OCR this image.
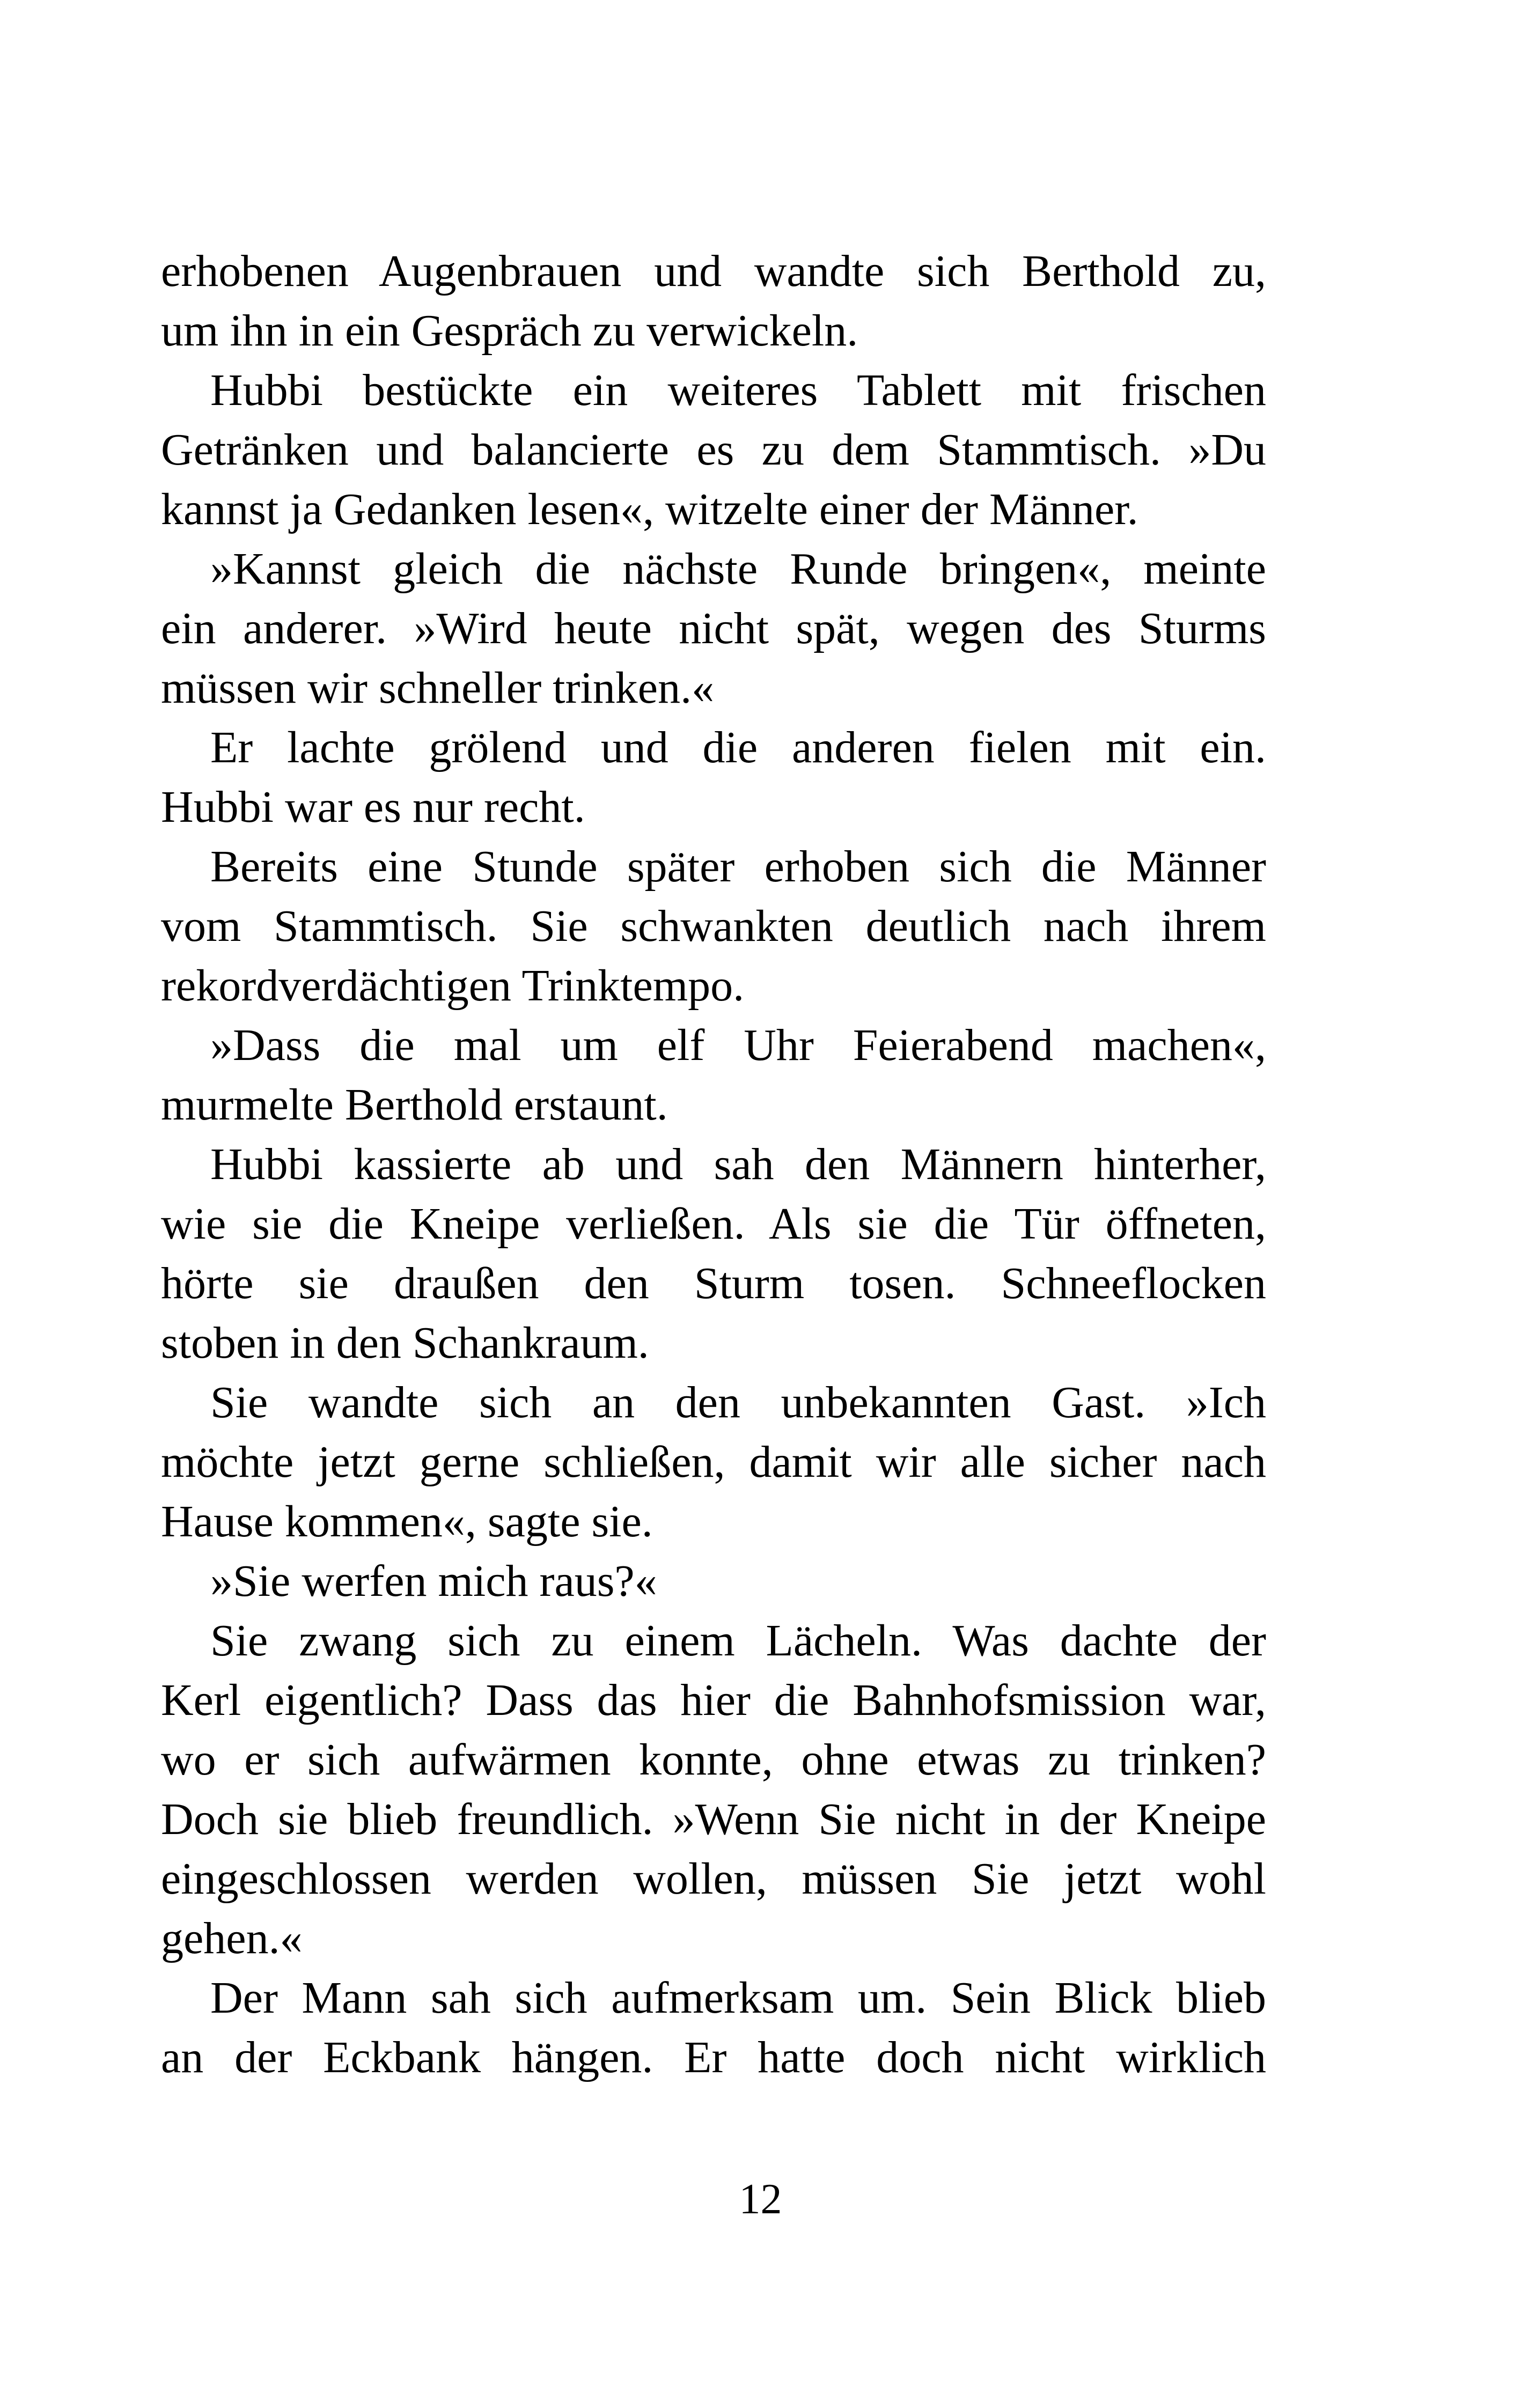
erhobenen Augenbrauen und wandte sich Berthold zu,
um ihn in ein Gespräch zu verwickeln.
Hubbi bestückte ein weiteres Tablett mit frischen
Getränken und balancierte es zu dem Stammtisch. »Du
kannst ja Gedanken lesen«, witzelte einer der Männer.
»Kannst gleich die nächste Runde bringen«, meinte
ein anderer. »Wird heute nicht spät, wegen des Sturms
müssen wir schneller trinken.«
Er lachte grölend und die anderen fielen mit ein.
Hubbi war es nur recht.
Bereits eine Stunde später erhoben sich die Männer
vom Stammtisch. Sie schwankten deutlich nach ihrem
rekordverdächtigen Trinktempo.
»Dass die mal um elf Uhr Feierabend machen«,
murmelte Berthold erstaunt.
Hubbi kassierte ab und sah den Männern hinterher,
wie sie die Kneipe verließen. Als sie die Tür öffneten,
hörte sie draußen den Sturm tosen. Schneeflocken
stoben in den Schankraum.
Sie wandte sich an den unbekannten Gast. »Ich
möchte jetzt gerne schließen, damit wir alle sicher nach
Hause kommen«, sagte sie.
»Sie werfen mich raus?«
Sie zwang sich zu einem Lächeln. Was dachte der
Kerl eigentlich? Dass das hier die Bahnhofsmission war,
wo er sich aufwärmen konnte, ohne etwas zu trinken?
Doch sie blieb freundlich. »Wenn Sie nicht in der Kneipe
eingeschlossen werden wollen, müssen Sie jetzt wohl
gehen.«
Der Mann sah sich aufmerksam um. Sein Blick blieb
an der Eckbank hängen. Er hatte doch nicht wirklich
12
